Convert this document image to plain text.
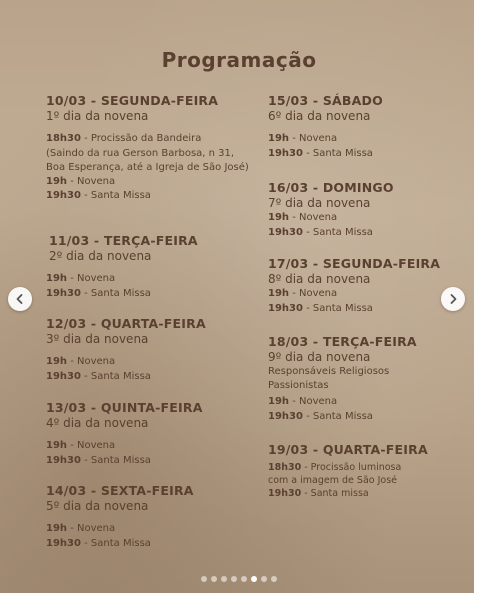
Programação
10/03 - SEGUNDA-FEIRA
1º dia da novena
18h30 - Procissão da Bandeira
(Saindo da rua Gerson Barbosa, n 31, Boa Esperança, até a Igreja de São José)
19h - Novena
19h30 - Santa Missa
11/03 - TERÇA-FEIRA
2º dia da novena
19h - Novena
19h30 - Santa Missa
12/03 - QUARTA-FEIRA
3º dia da novena
19h - Novena
19h30 - Santa Missa
13/03 - QUINTA-FEIRA
4º dia da novena
19h - Novena
19h30 - Santa Missa
14/03 - SEXTA-FEIRA
5º dia da novena
19h - Novena
19h30 - Santa Missa
15/03 - SÁBADO
6º dia da novena
19h - Novena
19h30 - Santa Missa
16/03 - DOMINGO
7º dia da novena
19h - Novena
19h30 - Santa Missa
17/03 - SEGUNDA-FEIRA
8º dia da novena
19h - Novena
19h30 - Santa Missa
18/03 - TERÇA-FEIRA
9º dia da novena
Responsáveis Religiosos Passionistas
19h - Novena
19h30 - Santa Missa
19/03 - QUARTA-FEIRA
18h30 - Procissão luminosa com a imagem de São José
19h30 - Santa missa
